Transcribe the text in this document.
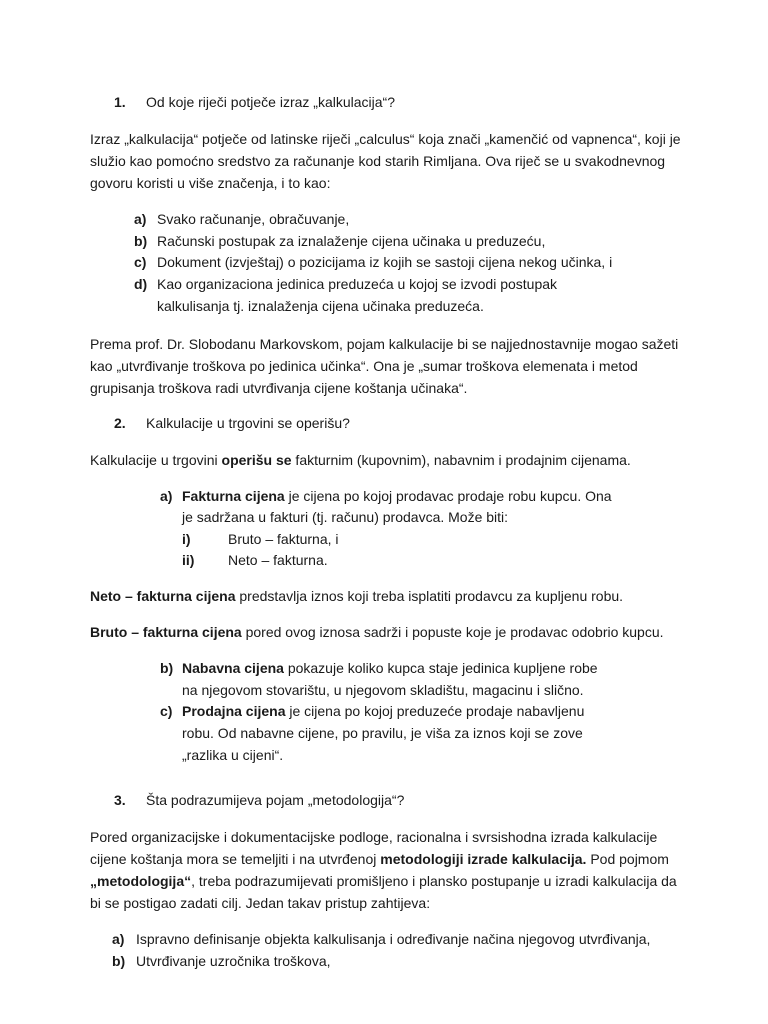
1. Od koje riječi potječe izraz „kalkulacija“?

Izraz „kalkulacija“ potječe od latinske riječi „calculus“ koja znači „kamenčić od vapnenca“, koji je služio kao pomoćno sredstvo za računanje kod starih Rimljana. Ova riječ se u svakodnevnog govoru koristi u više značenja, i to kao:

a) Svako računanje, obračuvanje,
b) Računski postupak za iznalaženje cijena učinaka u preduzeću,
c) Dokument (izvještaj) o pozicijama iz kojih se sastoji cijena nekog učinka, i
d) Kao organizaciona jedinica preduzeća u kojoj se izvodi postupak kalkulisanja tj. iznalaženja cijena učinaka preduzeća.

Prema prof. Dr. Slobodanu Markovskom, pojam kalkulacije bi se najjednostavnije mogao sažeti kao „utvrđivanje troškova po jedinica učinka“. Ona je „sumar troškova elemenata i metod grupisanja troškova radi utvrđivanja cijene koštanja učinaka“.

2. Kalkulacije u trgovini se operišu?

Kalkulacije u trgovini operišu se fakturnim (kupovnim), nabavnim i prodajnim cijenama.

a) Fakturna cijena je cijena po kojoj prodavac prodaje robu kupcu. Ona je sadržana u fakturi (tj. računu) prodavca. Može biti:
i)	Bruto – fakturna, i
ii) Neto – fakturna.

Neto – fakturna cijena predstavlja iznos koji treba isplatiti prodavcu za kupljenu robu.

Bruto – fakturna cijena pored ovog iznosa sadrži i popuste koje je prodavac odobrio kupcu.

b) Nabavna cijena pokazuje koliko kupca staje jedinica kupljene robe na njegovom stovarištu, u njegovom skladištu, magacinu i slično.
c) Prodajna cijena je cijena po kojoj preduzeće prodaje nabavljenu robu. Od nabavne cijene, po pravilu, je viša za iznos koji se zove „razlika u cijeni“.
3. Šta podrazumijeva pojam „metodologija“?

Pored organizacijske i dokumentacijske podloge, racionalna i svrsishodna izrada kalkulacije cijene koštanja mora se temeljiti i na utvrđenoj metodologiji izrade kalkulacija. Pod pojmom „metodologija“, treba podrazumijevati promišljeno i plansko postupanje u izradi kalkulacija da bi se postigao zadati cilj. Jedan takav pristup zahtijeva:

a) Ispravno definisanje objekta kalkulisanja i određivanje načina njegovog utvrđivanja,
b) Utvrđivanje uzročnika troškova,
